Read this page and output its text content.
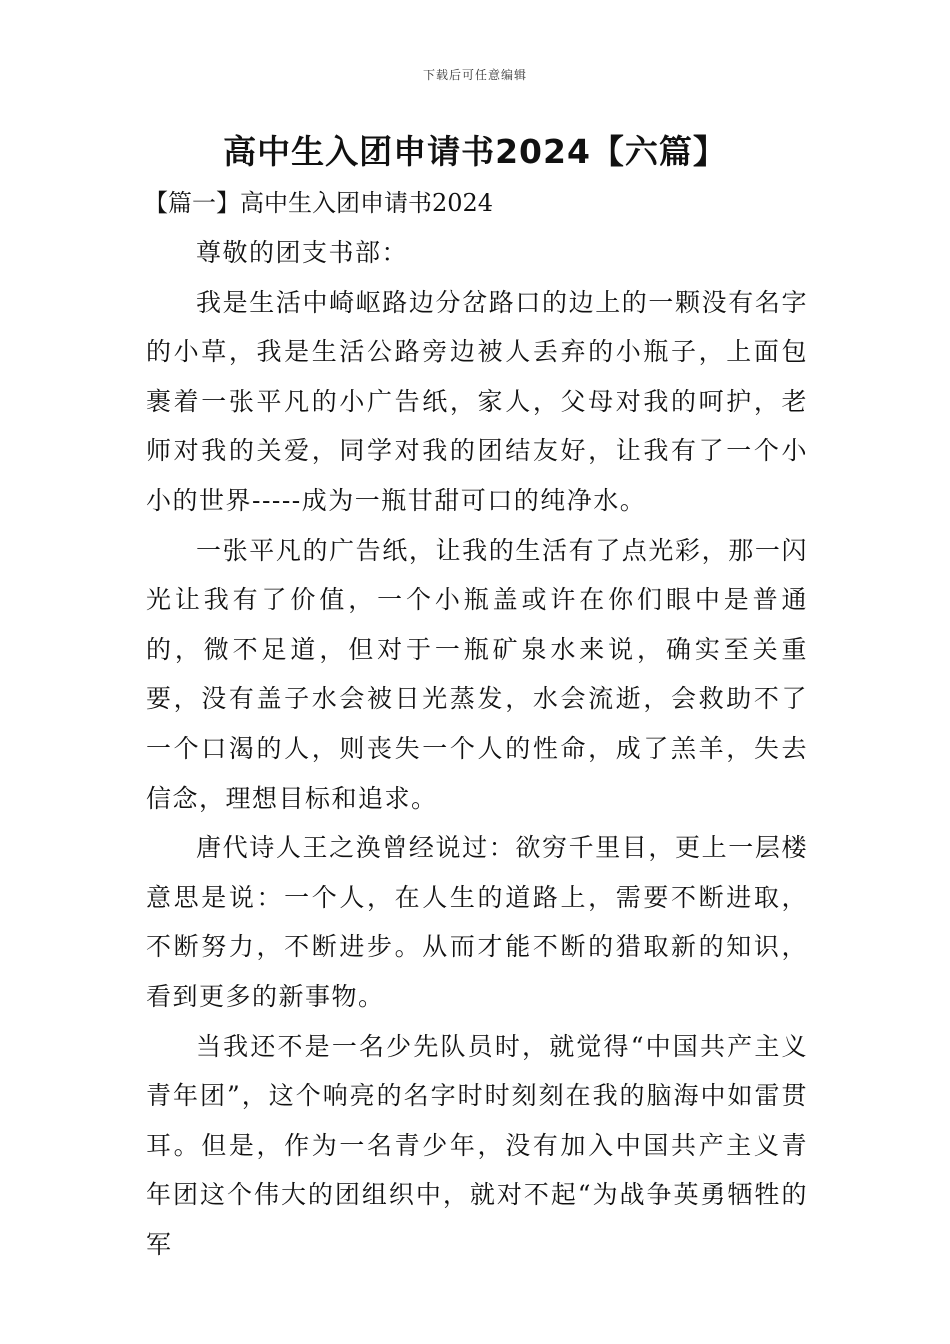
下载后可任意编辑
高中生入团申请书2024【六篇】
【篇一】高中生入团申请书2024

尊敬的团支书部：

我是生活中崎岖路边分岔路口的边上的一颗没有名字的小草，我是生活公路旁边被人丢弃的小瓶子，上面包裹着一张平凡的小广告纸，家人，父母对我的呵护，老师对我的关爱，同学对我的团结友好，让我有了一个小小的世界-----成为一瓶甘甜可口的纯净水。

一张平凡的广告纸，让我的生活有了点光彩，那一闪光让我有了价值，一个小瓶盖或许在你们眼中是普通的，微不足道，但对于一瓶矿泉水来说，确实至关重要，没有盖子水会被日光蒸发，水会流逝，会救助不了一个口渴的人，则丧失一个人的性命，成了羔羊，失去信念，理想目标和追求。

唐代诗人王之涣曾经说过：欲穷千里目，更上一层楼意思是说：一个人，在人生的道路上，需要不断进取，不断努力，不断进步。从而才能不断的猎取新的知识，看到更多的新事物。

当我还不是一名少先队员时，就觉得“中国共产主义青年团”，这个响亮的名字时时刻刻在我的脑海中如雷贯耳。但是，作为一名青少年，没有加入中国共产主义青年团这个伟大的团组织中，就对不起“为战争英勇牺牲的军
